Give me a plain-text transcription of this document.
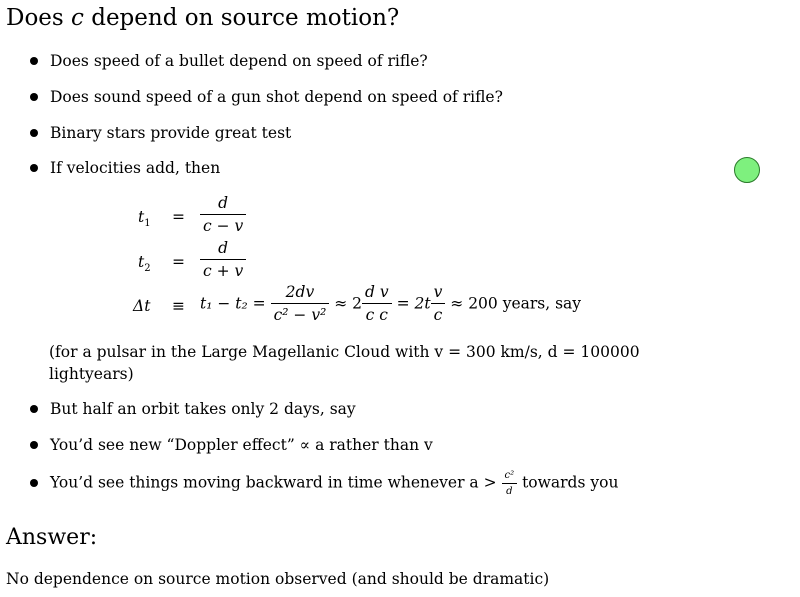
Does c depend on source motion?
Does speed of a bullet depend on speed of rifle?
Does sound speed of a gun shot depend on speed of rifle?
Binary stars provide great test
If velocities add, then
$t_1 = \frac{d}{c - v}$
$t_2 = \frac{d}{c + v}$
$\Delta t \equiv t_1 - t_2 = \frac{2dv}{\text{c² − v²}} \approx 2 \frac{\text{d v}}{\text{c c}} = 2t \frac{v}{c} \approx 200$ years, say
(for a pulsar in the Large Magellanic Cloud with v = 300 km/s, d = 100000
lightyears)
But half an orbit takes only 2 days, say
You’d see new “Doppler effect” ∝ a rather than v
You’d see things moving backward in time whenever $a > \frac{\text{c²}}{d}$ towards you
Answer:
No dependence on source motion observed (and should be dramatic)
